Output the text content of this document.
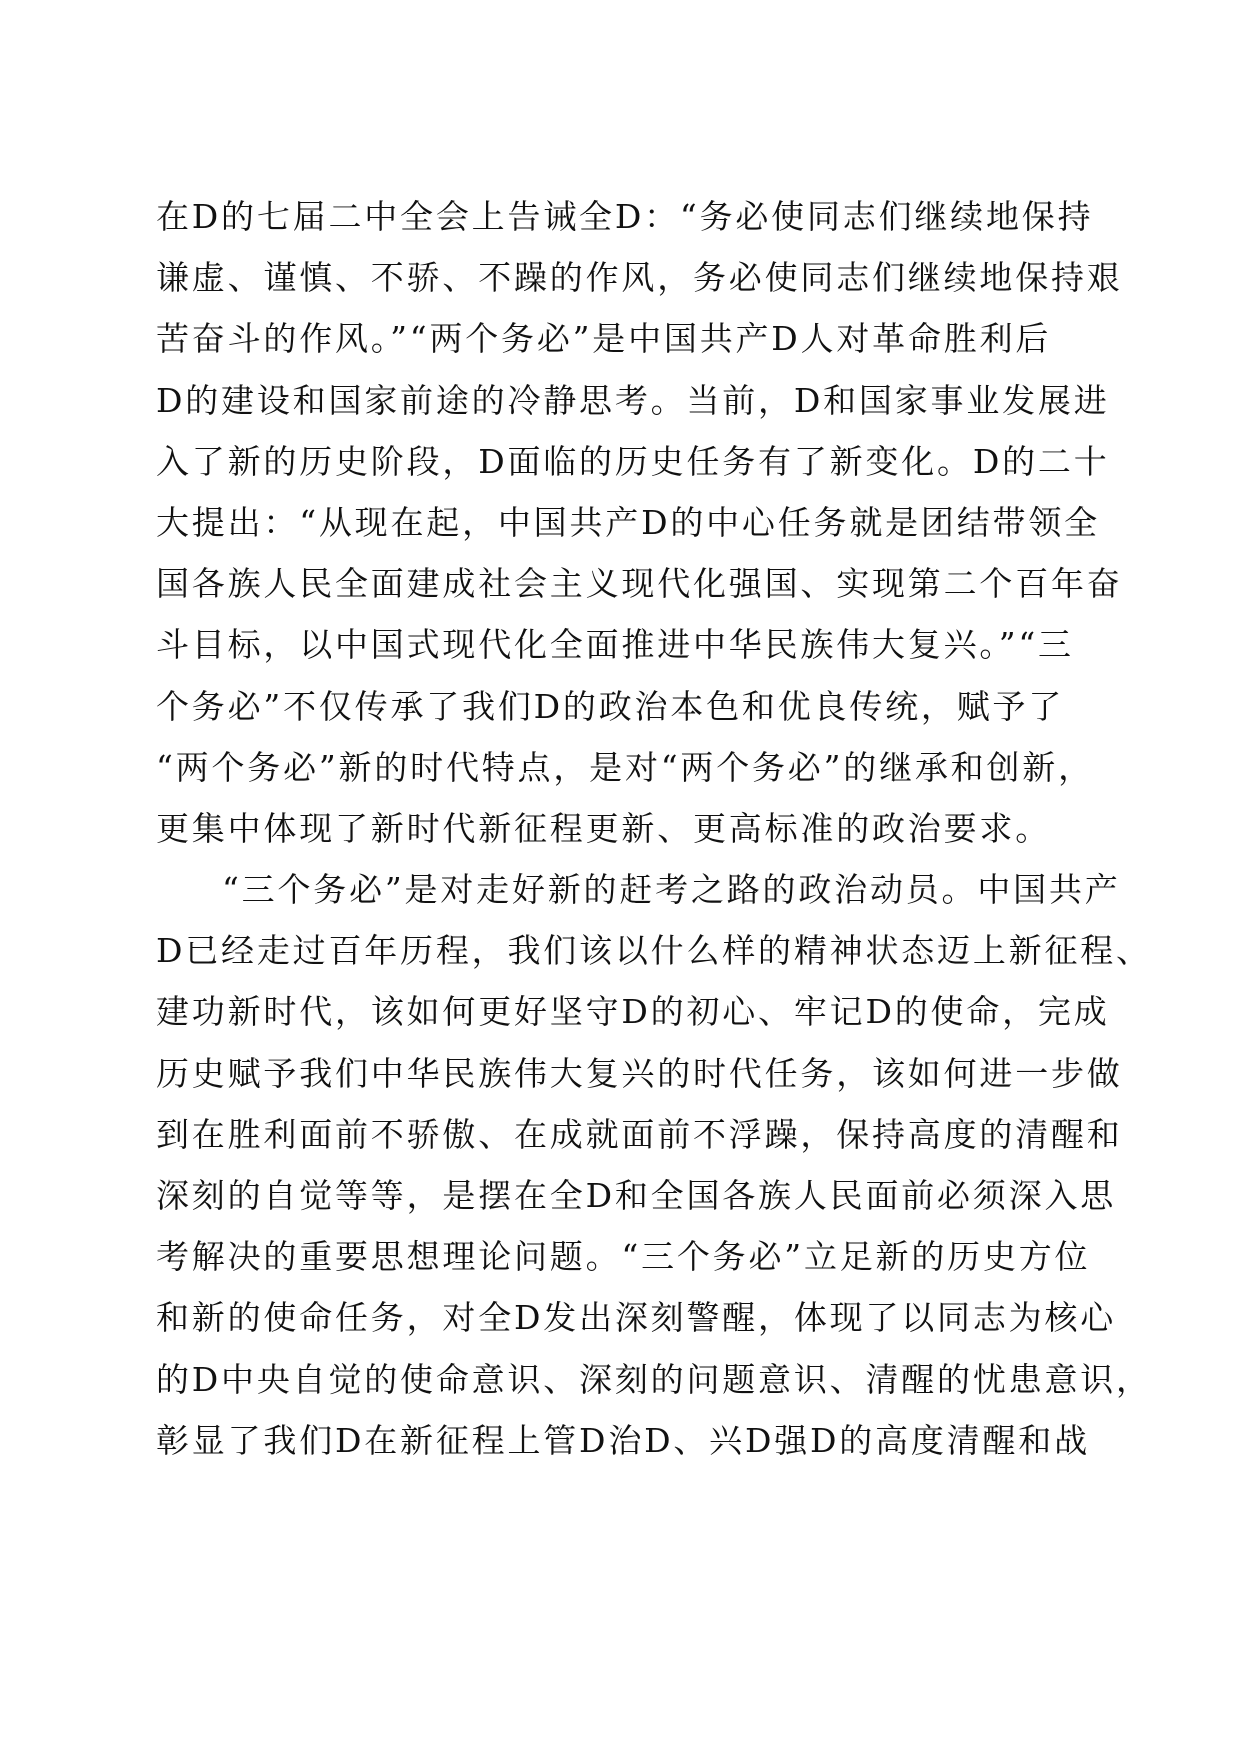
在D的七届二中全会上告诫全D：“务必使同志们继续地保持
谦虚、谨慎、不骄、不躁的作风，务必使同志们继续地保持艰
苦奋斗的作风。”“两个务必”是中国共产D人对革命胜利后
D的建设和国家前途的冷静思考。当前，D和国家事业发展进
入了新的历史阶段，D面临的历史任务有了新变化。D的二十
大提出：“从现在起，中国共产D的中心任务就是团结带领全
国各族人民全面建成社会主义现代化强国、实现第二个百年奋
斗目标，以中国式现代化全面推进中华民族伟大复兴。”“三
个务必”不仅传承了我们D的政治本色和优良传统，赋予了
“两个务必”新的时代特点，是对“两个务必”的继承和创新，
更集中体现了新时代新征程更新、更高标准的政治要求。
“三个务必”是对走好新的赶考之路的政治动员。中国共产
D已经走过百年历程，我们该以什么样的精神状态迈上新征程、
建功新时代，该如何更好坚守D的初心、牢记D的使命，完成
历史赋予我们中华民族伟大复兴的时代任务，该如何进一步做
到在胜利面前不骄傲、在成就面前不浮躁，保持高度的清醒和
深刻的自觉等等，是摆在全D和全国各族人民面前必须深入思
考解决的重要思想理论问题。“三个务必”立足新的历史方位
和新的使命任务，对全D发出深刻警醒，体现了以同志为核心
的D中央自觉的使命意识、深刻的问题意识、清醒的忧患意识，
彰显了我们D在新征程上管D治D、兴D强D的高度清醒和战
